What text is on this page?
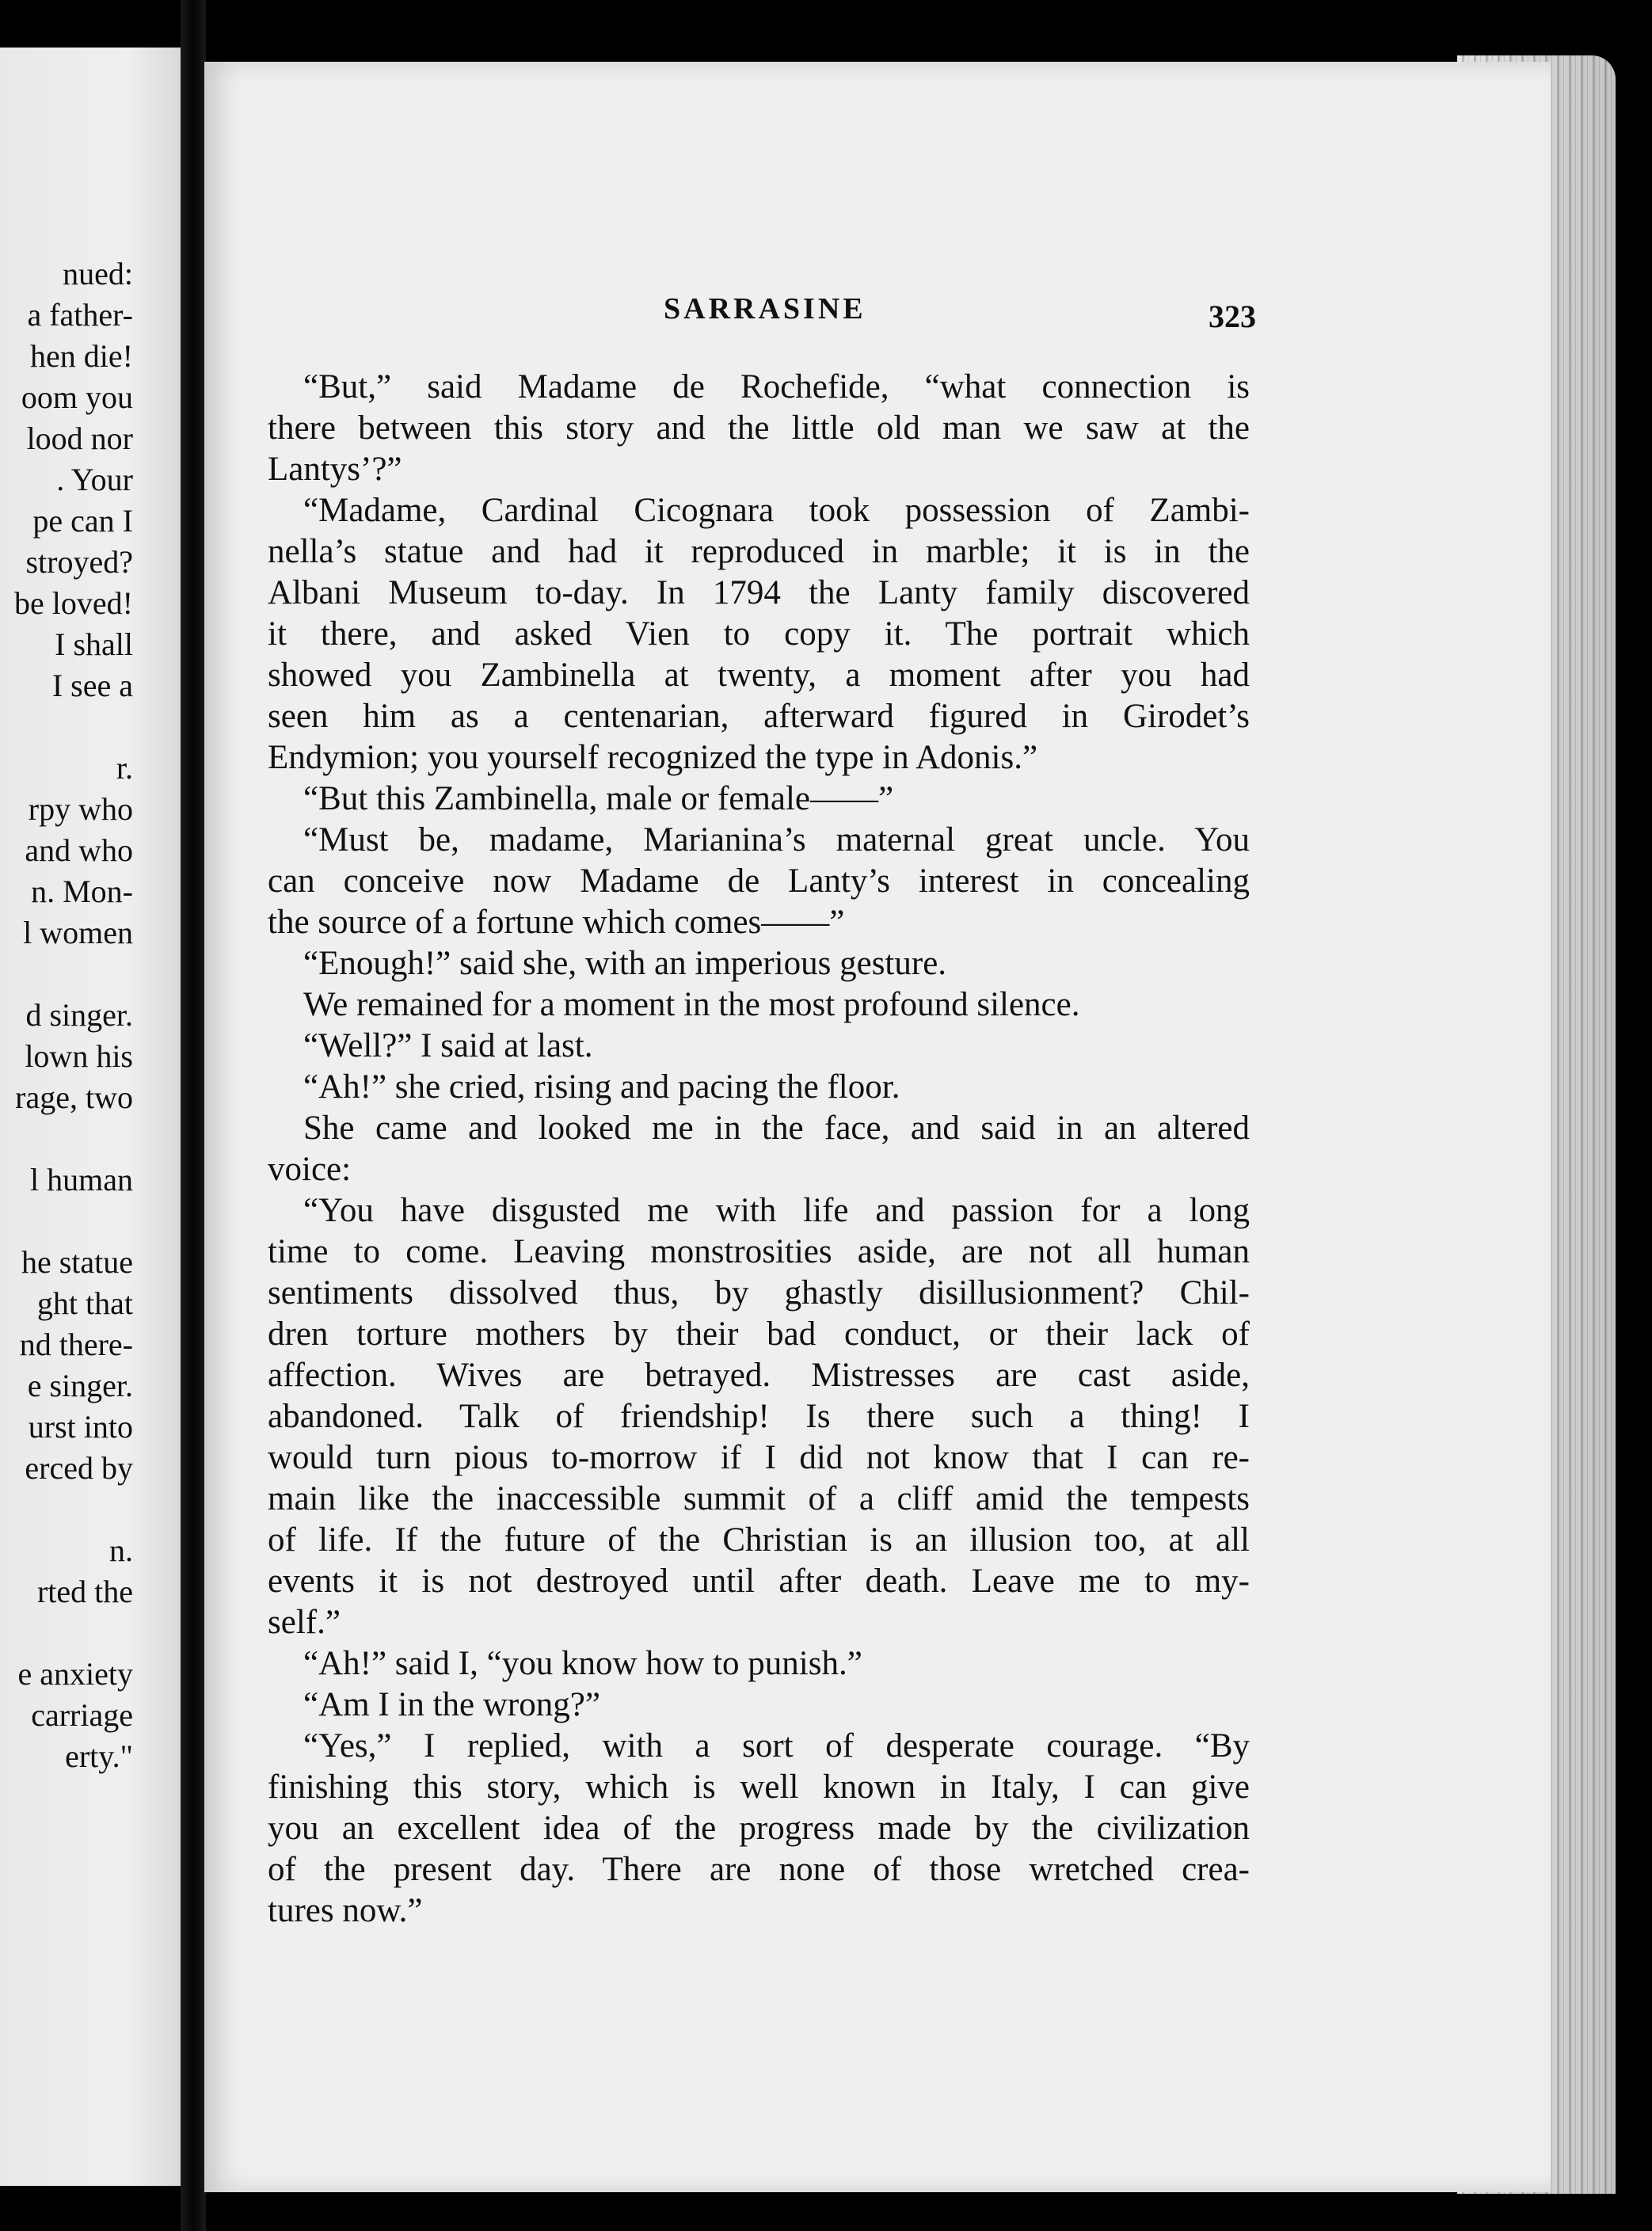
nued:
a father-
hen die!
oom you
lood nor
. Your
pe can I
stroyed?
be loved!
I shall
I see a
r.
rpy who
and who
n. Mon-
l women
d singer.
lown his
rage, two
l human
he statue
ght that
nd there-
e singer.
urst into
erced by
n.
rted the
e anxiety
carriage
erty."
SARRASINE	323
“But,” said Madame de Rochefide, “what connection is
there between this story and the little old man we saw at the
Lantys’?”
“Madame, Cardinal Cicognara took possession of Zambi-
nella’s statue and had it reproduced in marble; it is in the
Albani Museum to-day. In 1794 the Lanty family discovered
it there, and asked Vien to copy it. The portrait which
showed you Zambinella at twenty, a moment after you had
seen him as a centenarian, afterward figured in Girodet’s
Endymion; you yourself recognized the type in Adonis.”
“But this Zambinella, male or female——”
“Must be, madame, Marianina’s maternal great uncle. You
can conceive now Madame de Lanty’s interest in concealing
the source of a fortune which comes——”
“Enough!” said she, with an imperious gesture.
We remained for a moment in the most profound silence.
“Well?” I said at last.
“Ah!” she cried, rising and pacing the floor.
She came and looked me in the face, and said in an altered
voice:
“You have disgusted me with life and passion for a long
time to come. Leaving monstrosities aside, are not all human
sentiments dissolved thus, by ghastly disillusionment? Chil-
dren torture mothers by their bad conduct, or their lack of
affection. Wives are betrayed. Mistresses are cast aside,
abandoned. Talk of friendship! Is there such a thing! I
would turn pious to-morrow if I did not know that I can re-
main like the inaccessible summit of a cliff amid the tempests
of life. If the future of the Christian is an illusion too, at all
events it is not destroyed until after death. Leave me to my-
self.”
“Ah!” said I, “you know how to punish.”
“Am I in the wrong?”
“Yes,” I replied, with a sort of desperate courage. “By
finishing this story, which is well known in Italy, I can give
you an excellent idea of the progress made by the civilization
of the present day. There are none of those wretched crea-
tures now.”
